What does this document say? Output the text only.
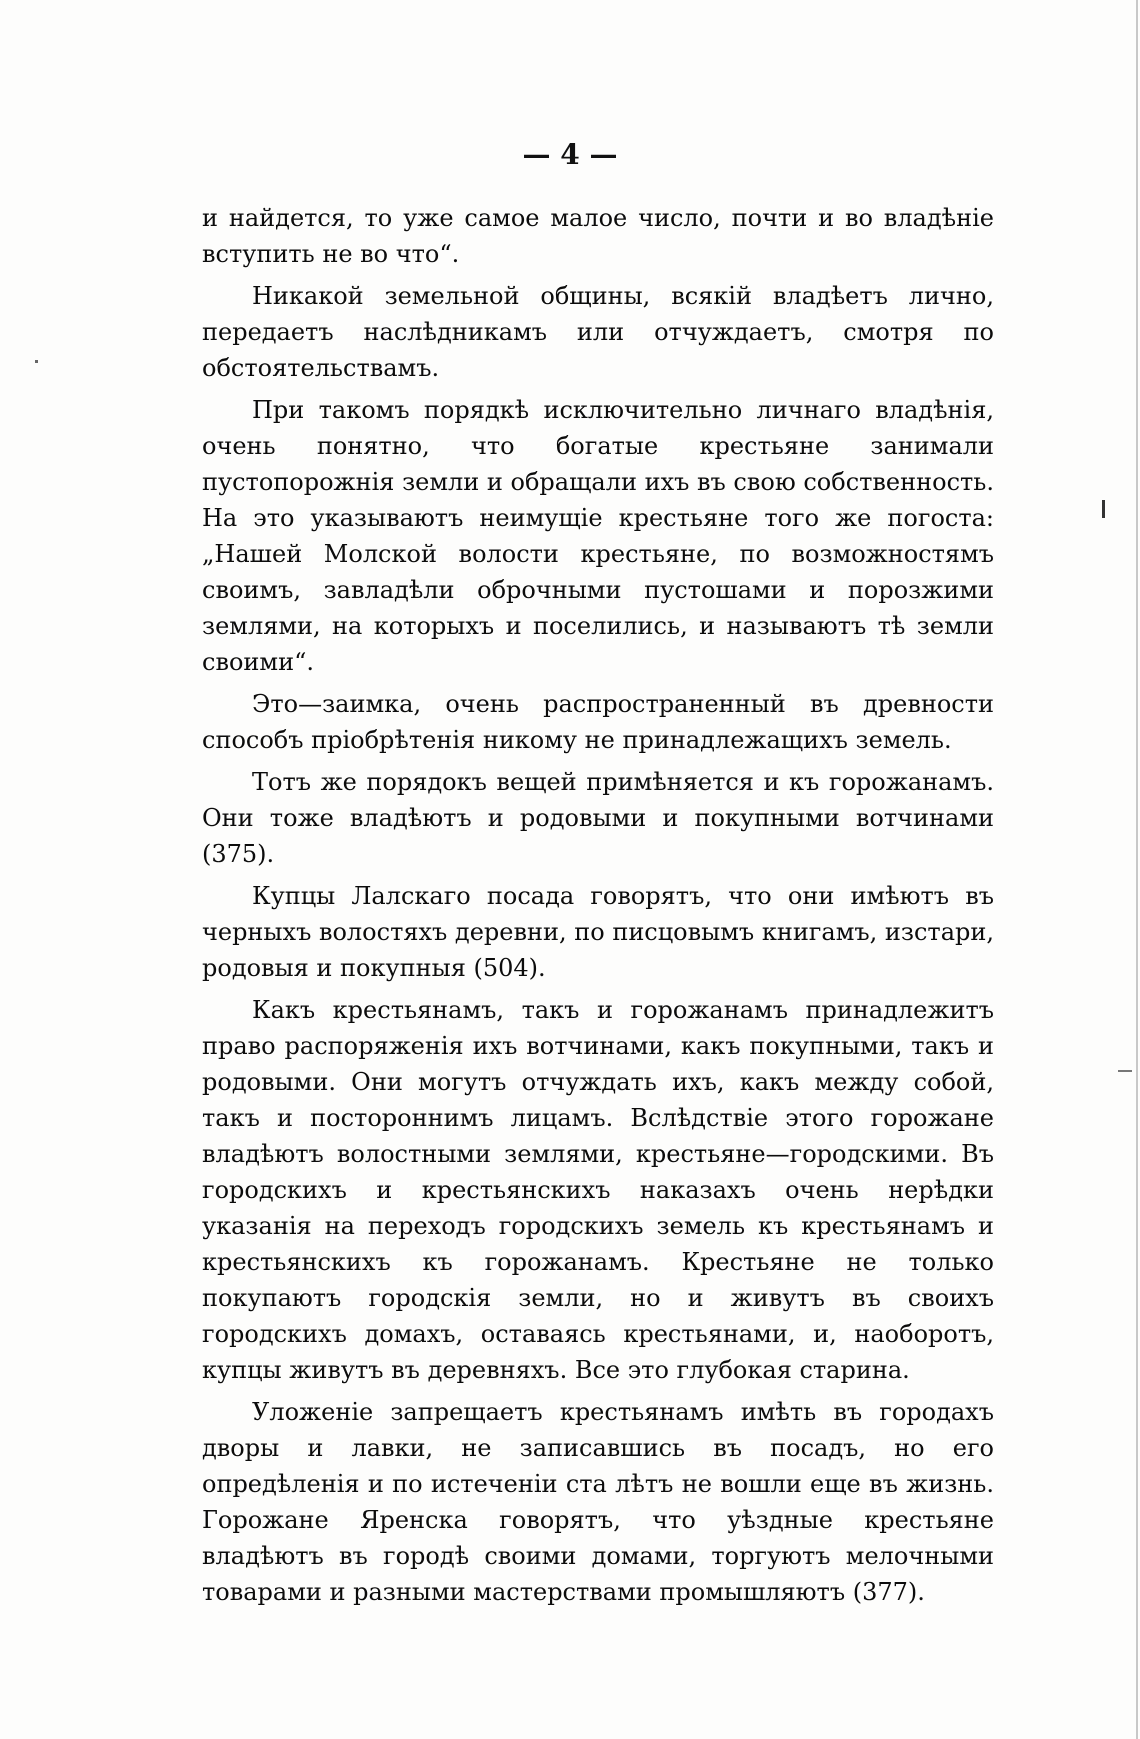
— 4 —

и найдется, то уже самое малое число, почти и во владѣніе вступить не во что“.

Никакой земельной общины, всякій владѣетъ лично, передаетъ наслѣдникамъ или отчуждаетъ, смотря по обстоятельствамъ.

При такомъ порядкѣ исключительно личнаго владѣнія, очень понятно, что богатые крестьяне занимали пустопорожнія земли и обращали ихъ въ свою собственность. На это указываютъ неимущіе крестьяне того же погоста: „Нашей Молской волости крестьяне, по возможностямъ своимъ, завладѣли оброчными пустошами и порозжими землями, на которыхъ и поселились, и называютъ тѣ земли своими“.

Это—заимка, очень распространенный въ древности способъ пріобрѣтенія никому не принадлежащихъ земель.

Тотъ же порядокъ вещей примѣняется и къ горожанамъ. Они тоже владѣютъ и родовыми и покупными вотчинами (375).

Купцы Лалскаго посада говорятъ, что они имѣютъ въ черныхъ волостяхъ деревни, по писцовымъ книгамъ, изстари, родовыя и покупныя (504).

Какъ крестьянамъ, такъ и горожанамъ принадлежитъ право распоряженія ихъ вотчинами, какъ покупными, такъ и родовыми. Они могутъ отчуждать ихъ, какъ между собой, такъ и постороннимъ лицамъ. Вслѣдствіе этого горожане владѣютъ волостными землями, крестьяне—городскими. Въ городскихъ и крестьянскихъ наказахъ очень нерѣдки указанія на переходъ городскихъ земель къ крестьянамъ и крестьянскихъ къ горожанамъ. Крестьяне не только покупаютъ городскія земли, но и живутъ въ своихъ городскихъ домахъ, оставаясь крестьянами, и, наоборотъ, купцы живутъ въ деревняхъ. Все это глубокая старина.

Уложеніе запрещаетъ крестьянамъ имѣть въ городахъ дворы и лавки, не записавшись въ посадъ, но его опредѣленія и по истеченіи ста лѣтъ не вошли еще въ жизнь. Горожане Яренска говорятъ, что уѣздные крестьяне владѣютъ въ городѣ своими домами, торгуютъ мелочными товарами и разными мастерствами промышляютъ (377).
